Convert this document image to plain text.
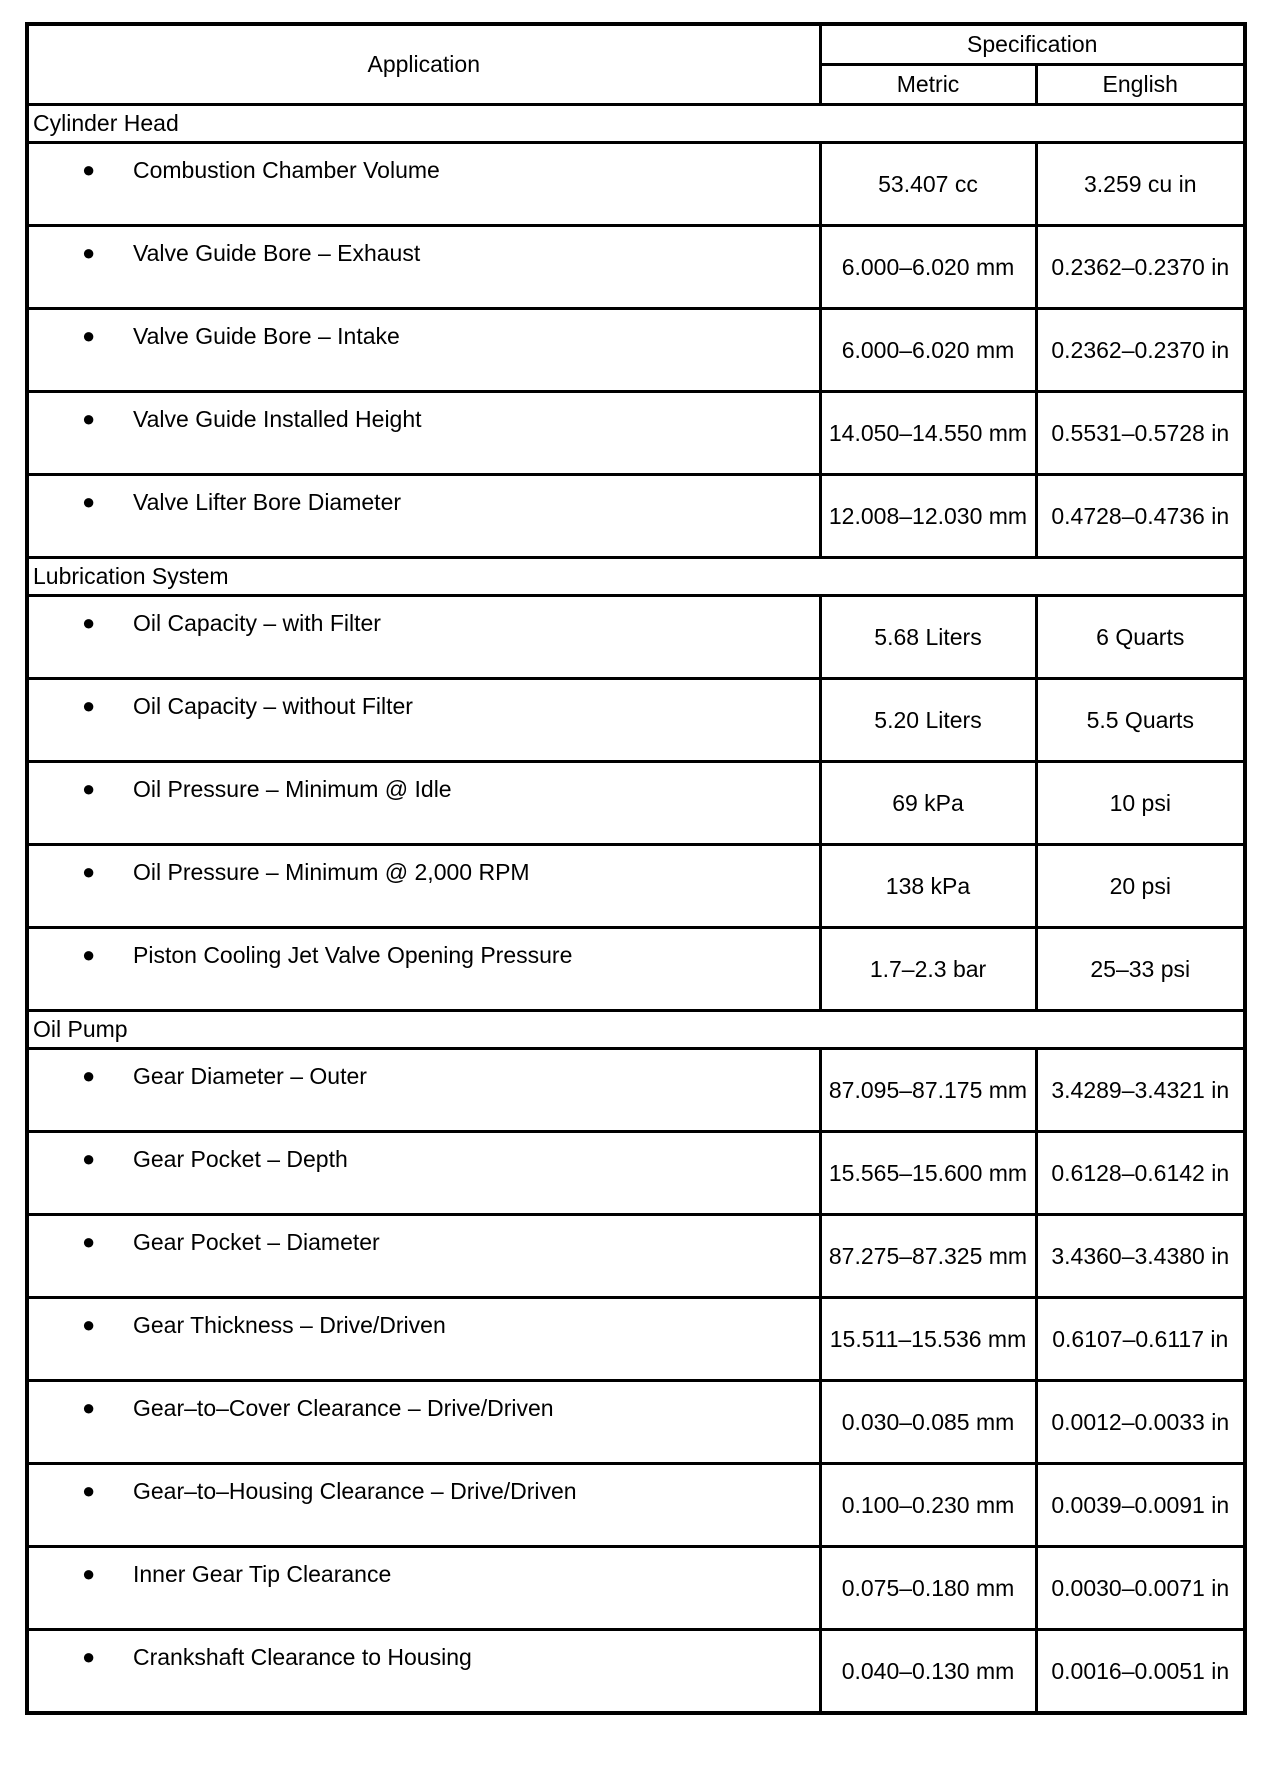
Application	Specification	
	Metric	English
Cylinder Head		

● Combustion Chamber Volume	53.407 cc	3.259 cu in

● Valve Guide Bore – Exhaust	6.000–6.020 mm	0.2362–0.2370 in

● Valve Guide Bore – Intake	6.000–6.020 mm	0.2362–0.2370 in

● Valve Guide Installed Height	14.050–14.550 mm	0.5531–0.5728 in

● Valve Lifter Bore Diameter	12.008–12.030 mm	0.4728–0.4736 in
Lubrication System		

● Oil Capacity – with Filter	5.68 Liters	6 Quarts

● Oil Capacity – without Filter	5.20 Liters	5.5 Quarts

● Oil Pressure – Minimum @ Idle	69 kPa	10 psi

● Oil Pressure – Minimum @ 2,000 RPM	138 kPa	20 psi

● Piston Cooling Jet Valve Opening Pressure	1.7–2.3 bar	25–33 psi
Oil Pump		

● Gear Diameter – Outer	87.095–87.175 mm	3.4289–3.4321 in

● Gear Pocket – Depth	15.565–15.600 mm	0.6128–0.6142 in

● Gear Pocket – Diameter	87.275–87.325 mm	3.4360–3.4380 in

● Gear Thickness – Drive/Driven	15.511–15.536 mm	0.6107–0.6117 in

● Gear–to–Cover Clearance – Drive/Driven	0.030–0.085 mm	0.0012–0.0033 in

● Gear–to–Housing Clearance – Drive/Driven	0.100–0.230 mm	0.0039–0.0091 in

● Inner Gear Tip Clearance	0.075–0.180 mm	0.0030–0.0071 in

● Crankshaft Clearance to Housing	0.040–0.130 mm	0.0016–0.0051 in
